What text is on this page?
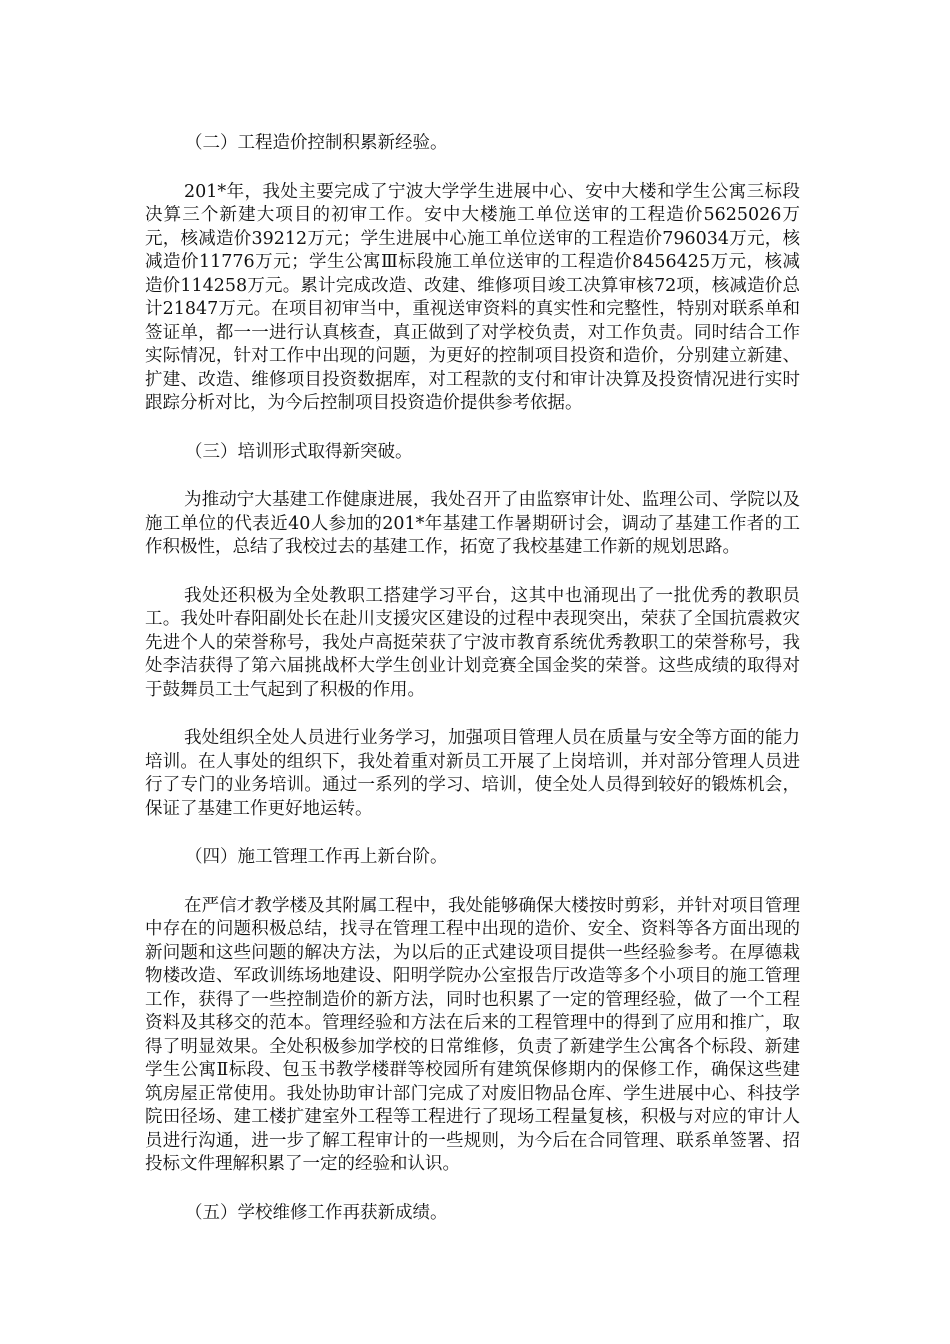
（二）工程造价控制积累新经验。

201*年，我处主要完成了宁波大学学生进展中心、安中大楼和学生公寓三标段决算三个新建大项目的初审工作。安中大楼施工单位送审的工程造价5625026万元，核减造价39212万元；学生进展中心施工单位送审的工程造价796034万元，核减造价11776万元；学生公寓Ⅲ标段施工单位送审的工程造价8456425万元，核减造价114258万元。累计完成改造、改建、维修项目竣工决算审核72项，核减造价总计21847万元。在项目初审当中，重视送审资料的真实性和完整性，特别对联系单和签证单，都一一进行认真核查，真正做到了对学校负责，对工作负责。同时结合工作实际情况，针对工作中出现的问题，为更好的控制项目投资和造价，分别建立新建、扩建、改造、维修项目投资数据库，对工程款的支付和审计决算及投资情况进行实时跟踪分析对比，为今后控制项目投资造价提供参考依据。

（三）培训形式取得新突破。

为推动宁大基建工作健康进展，我处召开了由监察审计处、监理公司、学院以及施工单位的代表近40人参加的201*年基建工作暑期研讨会，调动了基建工作者的工作积极性，总结了我校过去的基建工作，拓宽了我校基建工作新的规划思路。

我处还积极为全处教职工搭建学习平台，这其中也涌现出了一批优秀的教职员工。我处叶春阳副处长在赴川支援灾区建设的过程中表现突出，荣获了全国抗震救灾先进个人的荣誉称号，我处卢高挺荣获了宁波市教育系统优秀教职工的荣誉称号，我处李洁获得了第六届挑战杯大学生创业计划竞赛全国金奖的荣誉。这些成绩的取得对于鼓舞员工士气起到了积极的作用。

我处组织全处人员进行业务学习，加强项目管理人员在质量与安全等方面的能力培训。在人事处的组织下，我处着重对新员工开展了上岗培训，并对部分管理人员进行了专门的业务培训。通过一系列的学习、培训，使全处人员得到较好的锻炼机会，保证了基建工作更好地运转。

（四）施工管理工作再上新台阶。

在严信才教学楼及其附属工程中，我处能够确保大楼按时剪彩，并针对项目管理中存在的问题积极总结，找寻在管理工程中出现的造价、安全、资料等各方面出现的新问题和这些问题的解决方法，为以后的正式建设项目提供一些经验参考。在厚德栽物楼改造、军政训练场地建设、阳明学院办公室报告厅改造等多个小项目的施工管理工作，获得了一些控制造价的新方法，同时也积累了一定的管理经验，做了一个工程资料及其移交的范本。管理经验和方法在后来的工程管理中的得到了应用和推广，取得了明显效果。全处积极参加学校的日常维修，负责了新建学生公寓各个标段、新建学生公寓Ⅱ标段、包玉书教学楼群等校园所有建筑保修期内的保修工作，确保这些建筑房屋正常使用。我处协助审计部门完成了对废旧物品仓库、学生进展中心、科技学院田径场、建工楼扩建室外工程等工程进行了现场工程量复核，积极与对应的审计人员进行沟通，进一步了解工程审计的一些规则，为今后在合同管理、联系单签署、招投标文件理解积累了一定的经验和认识。

（五）学校维修工作再获新成绩。
